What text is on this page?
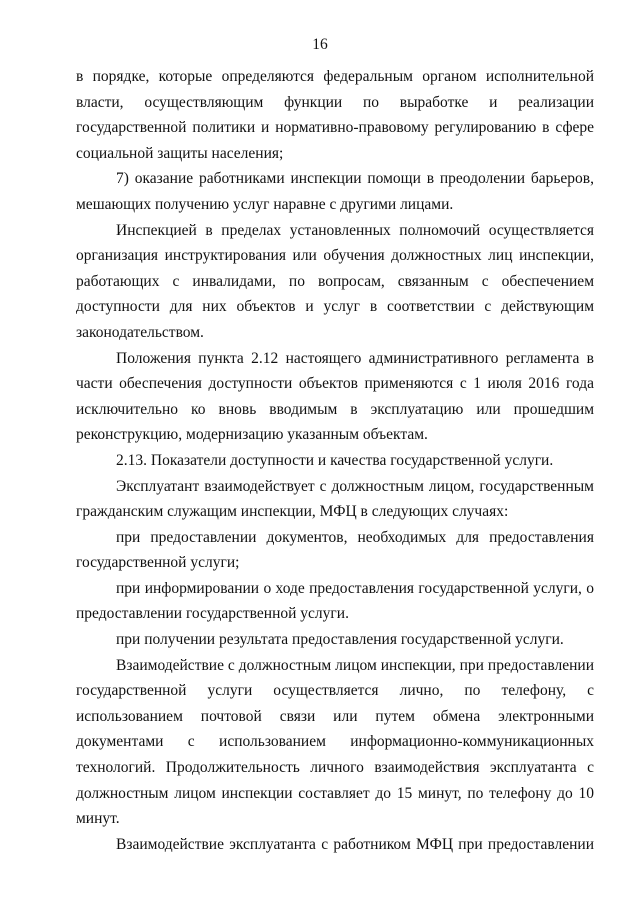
16

в порядке, которые определяются федеральным органом исполнительной власти, осуществляющим функции по выработке и реализации государственной политики и нормативно-правовому регулированию в сфере социальной защиты населения;

7) оказание работниками инспекции помощи в преодолении барьеров, мешающих получению услуг наравне с другими лицами.

Инспекцией в пределах установленных полномочий осуществляется организация инструктирования или обучения должностных лиц инспекции, работающих с инвалидами, по вопросам, связанным с обеспечением доступности для них объектов и услуг в соответствии с действующим законодательством.

Положения пункта 2.12 настоящего административного регламента в части обеспечения доступности объектов применяются с 1 июля 2016 года исключительно ко вновь вводимым в эксплуатацию или прошедшим реконструкцию, модернизацию указанным объектам.

2.13. Показатели доступности и качества государственной услуги.

Эксплуатант взаимодействует с должностным лицом, государственным гражданским служащим инспекции, МФЦ в следующих случаях:

при предоставлении документов, необходимых для предоставления государственной услуги;

при информировании о ходе предоставления государственной услуги, о предоставлении государственной услуги.

при получении результата предоставления государственной услуги.

Взаимодействие с должностным лицом инспекции, при предоставлении государственной услуги осуществляется лично, по телефону, с использованием почтовой связи или путем обмена электронными документами с использованием информационно-коммуникационных технологий. Продолжительность личного взаимодействия эксплуатанта с должностным лицом инспекции составляет до 15 минут, по телефону до 10 минут.

Взаимодействие эксплуатанта с работником МФЦ при предоставлении
